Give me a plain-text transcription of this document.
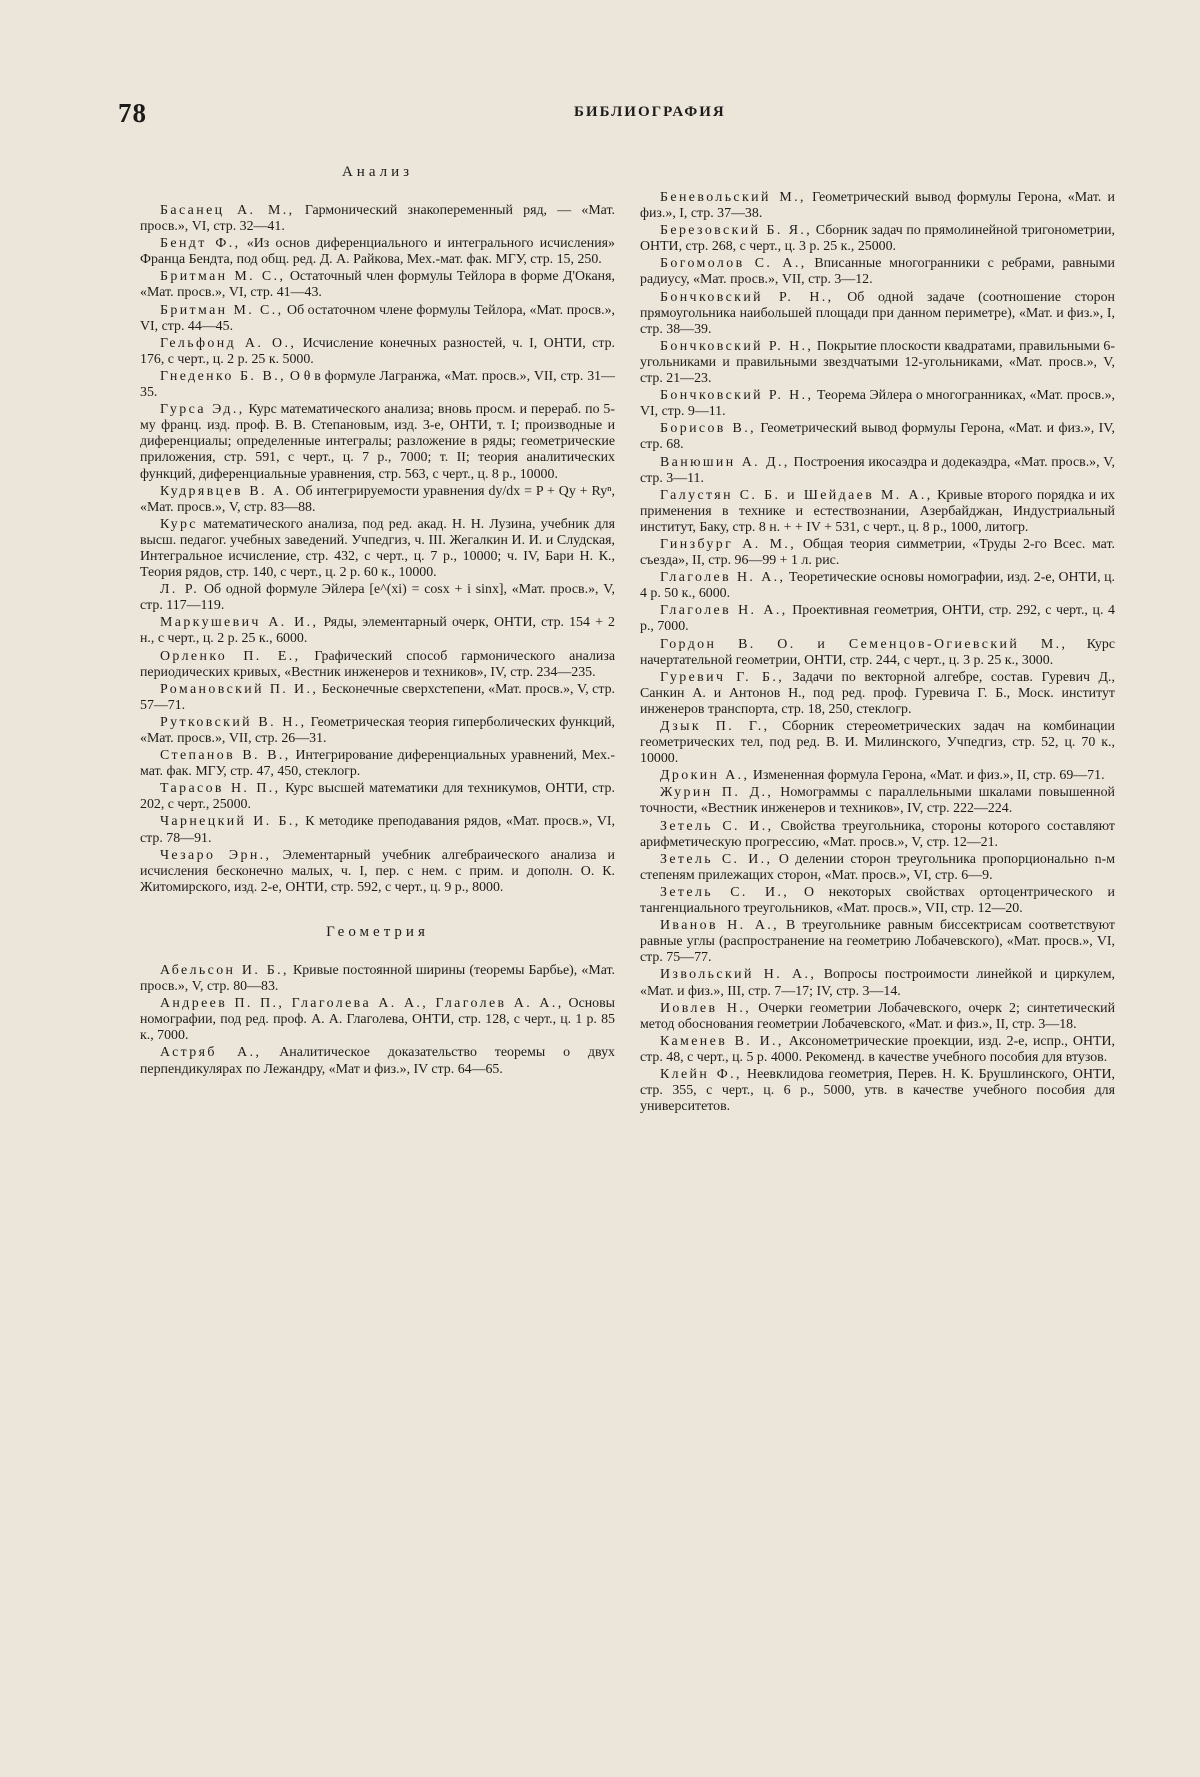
78	БИБЛИОГРАФИЯ
Анализ

Басанец А. М., Гармонический знакопеременный ряд, — «Мат. просв.», VI, стр. 32—41.

Бендт Ф., «Из основ диференциального и интегрального исчисления» Франца Бендта, под общ. ред. Д. А. Райкова, Мех.-мат. фак. МГУ, стр. 15, 250.

Бритман М. С., Остаточный член формулы Тейлора в форме Д'Оканя, «Мат. просв.», VI, стр. 41—43.

Бритман М. С., Об остаточном члене формулы Тейлора, «Мат. просв.», VI, стр. 44—45.

Гельфонд А. О., Исчисление конечных разностей, ч. I, ОНТИ, стр. 176, с черт., ц. 2 р. 25 к. 5000.

Гнеденко Б. В., О θ в формуле Лагранжа, «Мат. просв.», VII, стр. 31—35.

Гурса Эд., Курс математического анализа; вновь просм. и перераб. по 5-му франц. изд. проф. В. В. Степановым, изд. 3-е, ОНТИ, т. I; производные и диференциалы; определенные интегралы; разложение в ряды; геометрические приложения, стр. 591, с черт., ц. 7 р., 7000; т. II; теория аналитических функций, диференциальные уравнения, стр. 563, с черт., ц. 8 р., 10000.

Кудрявцев В. А. Об интегрируемости уравнения dy/dx = P + Qy + Ryⁿ, «Мат. просв.», V, стр. 83—88.

Курс математического анализа, под ред. акад. Н. Н. Лузина, учебник для высш. педагог. учебных заведений. Учпедгиз, ч. III. Жегалкин И. И. и Слудская, Интегральное исчисление, стр. 432, с черт., ц. 7 р., 10000; ч. IV, Бари Н. К., Теория рядов, стр. 140, с черт., ц. 2 р. 60 к., 10000.

Л. Р. Об одной формуле Эйлера [e^(xi) = cosx + i sinx], «Мат. просв.», V, стр. 117—119.

Маркушевич А. И., Ряды, элементарный очерк, ОНТИ, стр. 154 + 2 н., с черт., ц. 2 р. 25 к., 6000.

Орленко П. Е., Графический способ гармонического анализа периодических кривых, «Вестник инженеров и техников», IV, стр. 234—235.

Романовский П. И., Бесконечные сверхстепени, «Мат. просв.», V, стр. 57—71.

Рутковский В. Н., Геометрическая теория гиперболических функций, «Мат. просв.», VII, стр. 26—31.

Степанов В. В., Интегрирование диференциальных уравнений, Мех.-мат. фак. МГУ, стр. 47, 450, стеклогр.

Тарасов Н. П., Курс высшей математики для техникумов, ОНТИ, стр. 202, с черт., 25000.

Чарнецкий И. Б., К методике преподавания рядов, «Мат. просв.», VI, стр. 78—91.

Чезаро Эрн., Элементарный учебник алгебраического анализа и исчисления бесконечно малых, ч. I, пер. с нем. с прим. и дополн. О. К. Житомирского, изд. 2-е, ОНТИ, стр. 592, с черт., ц. 9 р., 8000.

Геометрия

Абельсон И. Б., Кривые постоянной ширины (теоремы Барбье), «Мат. просв.», V, стр. 80—83.

Андреев П. П., Глаголева А. А., Глаголев А. А., Основы номографии, под ред. проф. А. А. Глаголева, ОНТИ, стр. 128, с черт., ц. 1 р. 85 к., 7000.

Астряб А., Аналитическое доказательство теоремы о двух перпендикулярах по Лежандру, «Мат и физ.», IV стр. 64—65.

Беневольский М., Геометрический вывод формулы Герона, «Мат. и физ.», I, стр. 37—38.

Березовский Б. Я., Сборник задач по прямолинейной тригонометрии, ОНТИ, стр. 268, с черт., ц. 3 р. 25 к., 25000.

Богомолов С. А., Вписанные многогранники с ребрами, равными радиусу, «Мат. просв.», VII, стр. 3—12.

Бончковский Р. Н., Об одной задаче (соотношение сторон прямоугольника наибольшей площади при данном периметре), «Мат. и физ.», I, стр. 38—39.

Бончковский Р. Н., Покрытие плоскости квадратами, правильными 6-угольниками и правильными звездчатыми 12-угольниками, «Мат. просв.», V, стр. 21—23.

Бончковский Р. Н., Теорема Эйлера о многогранниках, «Мат. просв.», VI, стр. 9—11.

Борисов В., Геометрический вывод формулы Герона, «Мат. и физ.», IV, стр. 68.

Ванюшин А. Д., Построения икосаэдра и додекаэдра, «Мат. просв.», V, стр. 3—11.

Галустян С. Б. и Шейдаев М. А., Кривые второго порядка и их применения в технике и естествознании, Азербайджан, Индустриальный институт, Баку, стр. 8 н. + + IV + 531, с черт., ц. 8 р., 1000, литогр.

Гинзбург А. М., Общая теория симметрии, «Труды 2-го Всес. мат. съезда», II, стр. 96—99 + 1 л. рис.

Глаголев Н. А., Теоретические основы номографии, изд. 2-е, ОНТИ, ц. 4 р. 50 к., 6000.

Глаголев Н. А., Проективная геометрия, ОНТИ, стр. 292, с черт., ц. 4 р., 7000.

Гордон В. О. и Семенцов-Огиевский М., Курс начертательной геометрии, ОНТИ, стр. 244, с черт., ц. 3 р. 25 к., 3000.

Гуревич Г. Б., Задачи по векторной алгебре, состав. Гуревич Д., Санкин А. и Антонов Н., под ред. проф. Гуревича Г. Б., Моск. институт инженеров транспорта, стр. 18, 250, стеклогр.

Дзык П. Г., Сборник стереометрических задач на комбинации геометрических тел, под ред. В. И. Милинского, Учпедгиз, стр. 52, ц. 70 к., 10000.

Дрокин А., Измененная формула Герона, «Мат. и физ.», II, стр. 69—71.

Журин П. Д., Номограммы с параллельными шкалами повышенной точности, «Вестник инженеров и техников», IV, стр. 222—224.

Зетель С. И., Свойства треугольника, стороны которого составляют арифметическую прогрессию, «Мат. просв.», V, стр. 12—21.

Зетель С. И., О делении сторон треугольника пропорционально n-м степеням прилежащих сторон, «Мат. просв.», VI, стр. 6—9.

Зетель С. И., О некоторых свойствах ортоцентрического и тангенциального треугольников, «Мат. просв.», VII, стр. 12—20.

Иванов Н. А., В треугольнике равным биссектрисам соответствуют равные углы (распространение на геометрию Лобачевского), «Мат. просв.», VI, стр. 75—77.

Извольский Н. А., Вопросы построимости линейкой и циркулем, «Мат. и физ.», III, стр. 7—17; IV, стр. 3—14.

Иовлев Н., Очерки геометрии Лобачевского, очерк 2; синтетический метод обоснования геометрии Лобачевского, «Мат. и физ.», II, стр. 3—18.

Каменев В. И., Аксонометрические проекции, изд. 2-е, испр., ОНТИ, стр. 48, с черт., ц. 5 р. 4000. Рекоменд. в качестве учебного пособия для втузов.

Клейн Ф., Неевклидова геометрия, Перев. Н. К. Брушлинского, ОНТИ, стр. 355, с черт., ц. 6 р., 5000, утв. в качестве учебного пособия для университетов.
